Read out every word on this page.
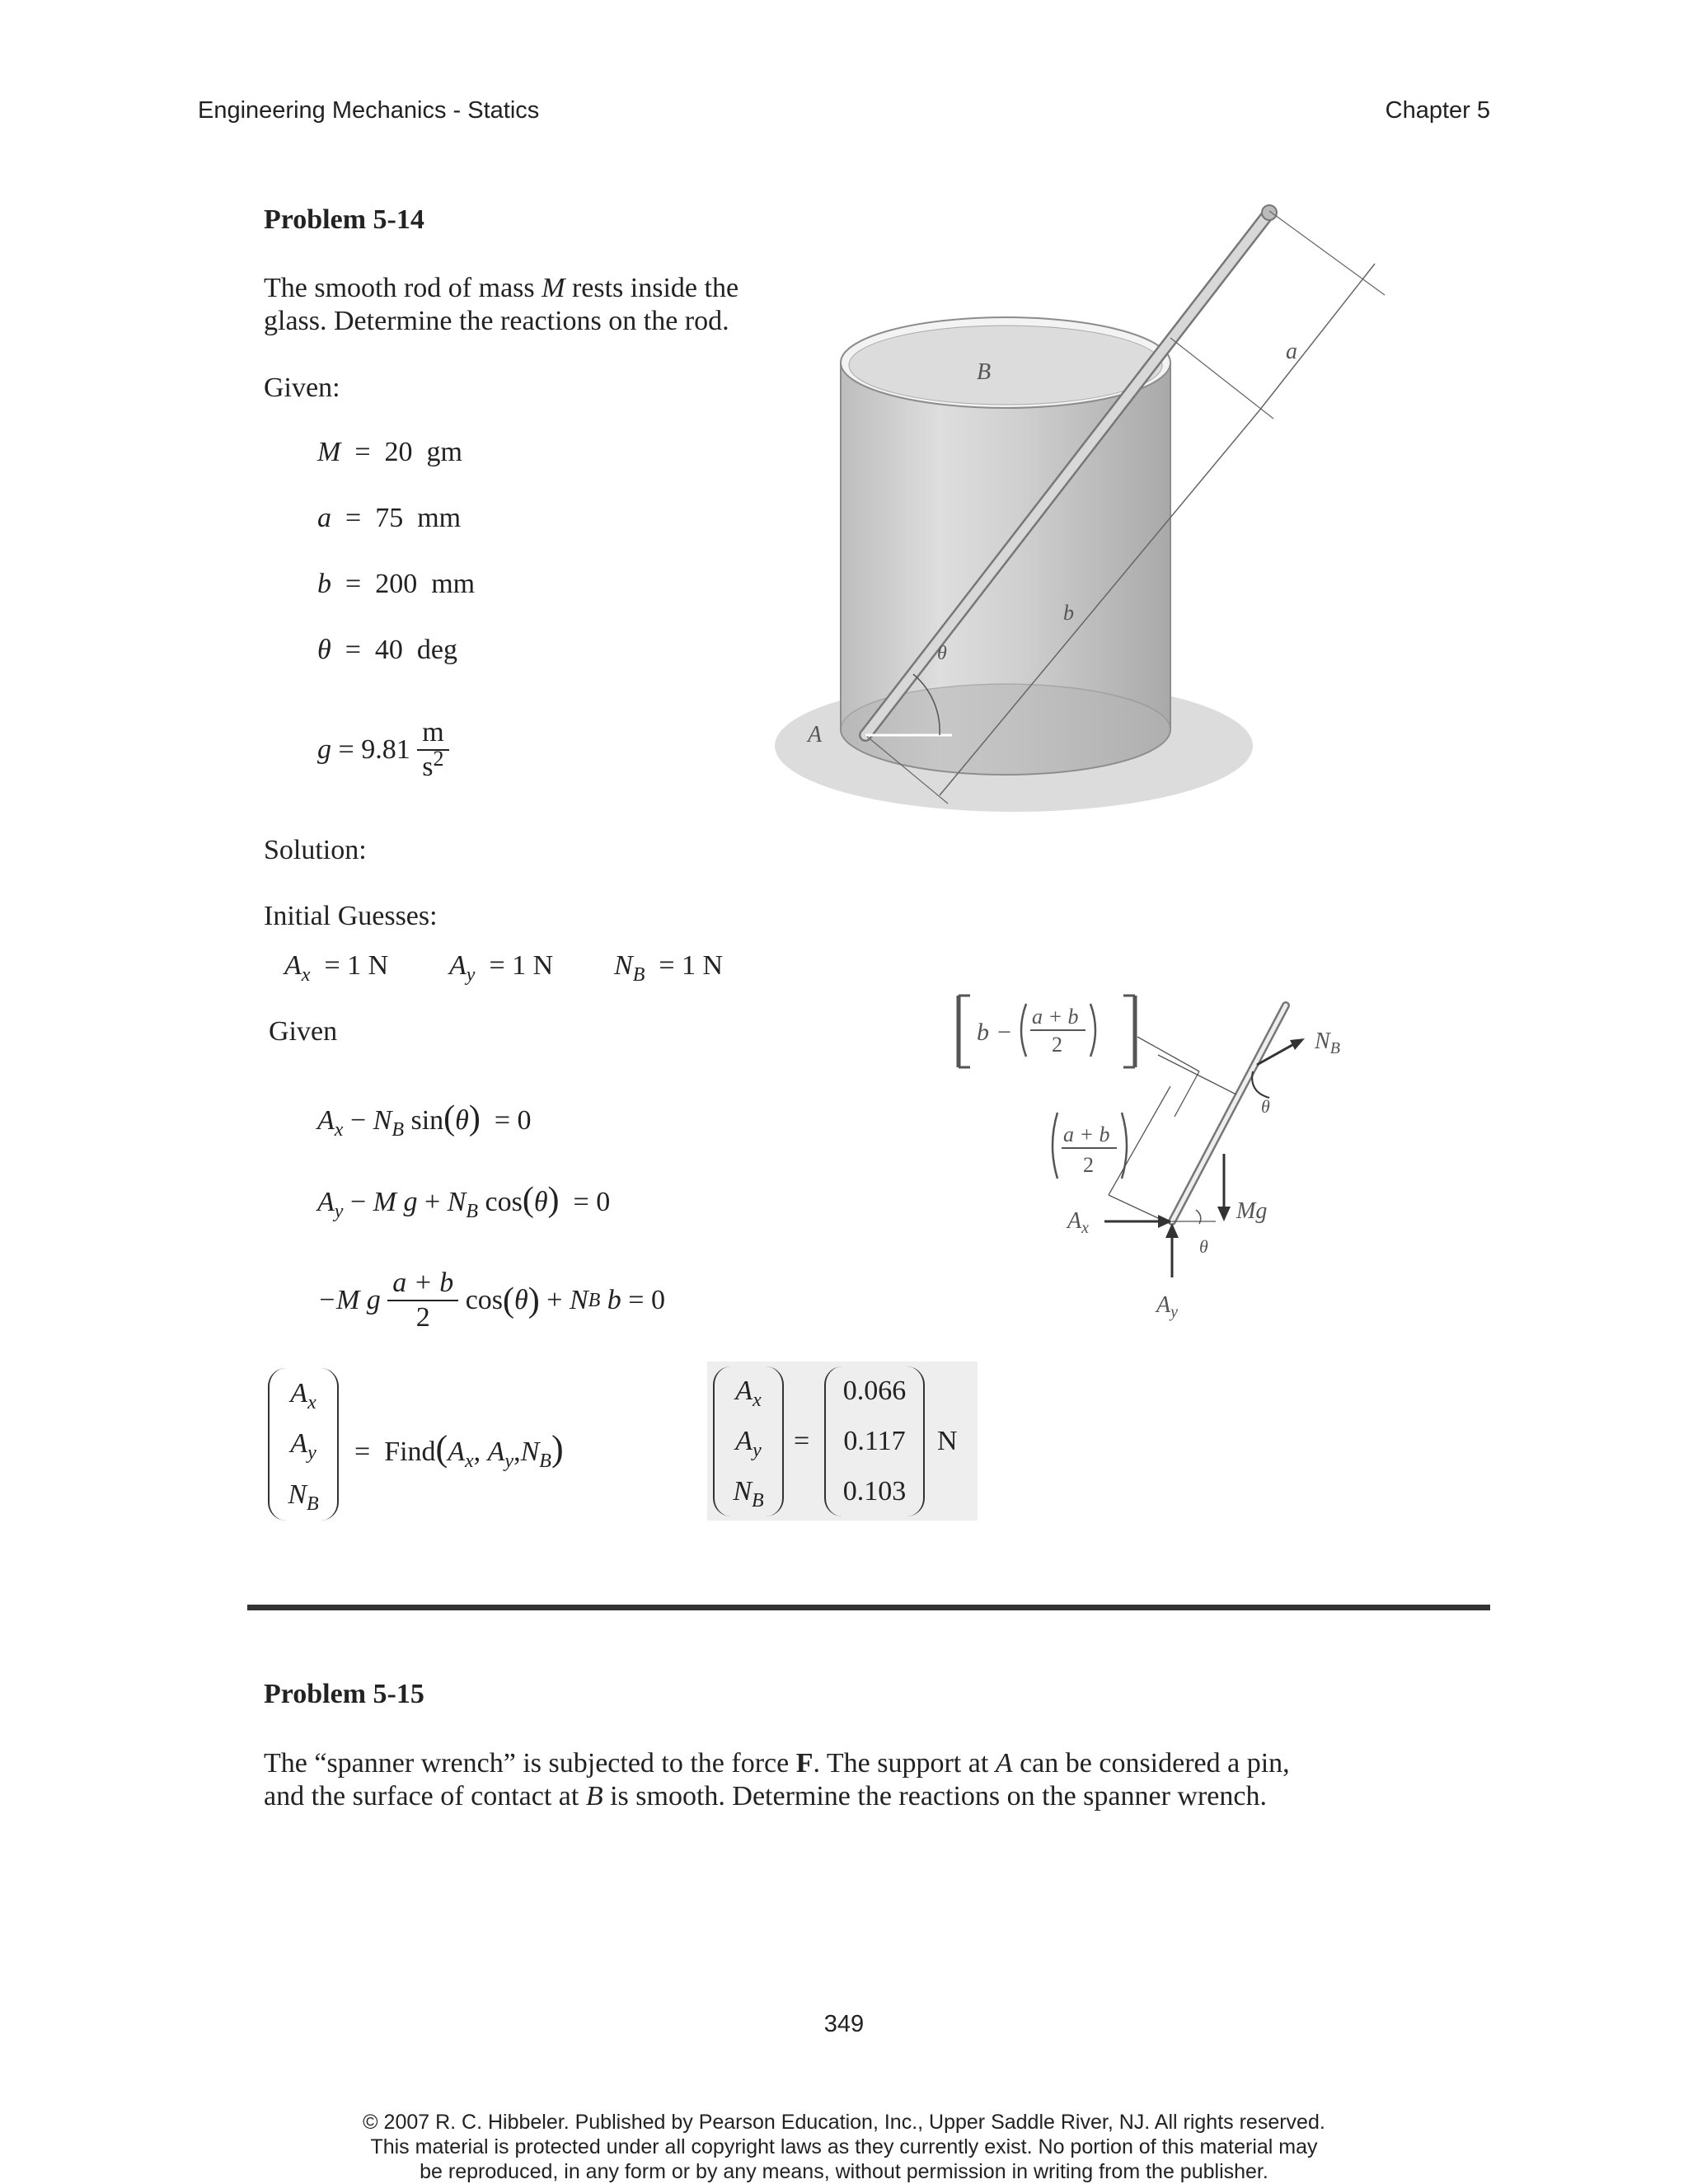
Engineering Mechanics - Statics	Chapter 5
Problem 5-14
The smooth rod of mass M rests inside the
glass. Determine the reactions on the rod.
Given:
M = 20 gm
a = 75 mm
b = 200 mm
θ = 40 deg
g
=
9.81
$\frac{m}{s^2}$
Solution:
Initial Guesses:
$A_x = 1$ N $A_y = 1$ N $N_B = 1$ N
Given
$A_x - N_B$ sin(θ) = 0
$A_y - M$ $g + N_B$ cos(θ) = 0
−M g
$\frac{a + b}{2}$
cos ( θ )
+
N B
b
= 0
$A_x$
$A_y$
$N_B$
= $Find(A_x$, $A_y,N_B$)
$A_x$
$A_y$
$N_B$
=
0.066
0.117
0.103
N
B
a
b
θ
A
b −
a + b
2
a + b
2
$N_B$
θ
Mg
$A_x$
$A_y$
θ
Problem 5-15
The “spanner wrench” is subjected to the force F. The support at A can be considered a pin,
and the surface of contact at B is smooth. Determine the reactions on the spanner wrench.
349
© 2007 R. C. Hibbeler. Published by Pearson Education, Inc., Upper Saddle River, NJ. All rights reserved.
This material is protected under all copyright laws as they currently exist. No portion of this material may
be reproduced, in any form or by any means, without permission in writing from the publisher.
